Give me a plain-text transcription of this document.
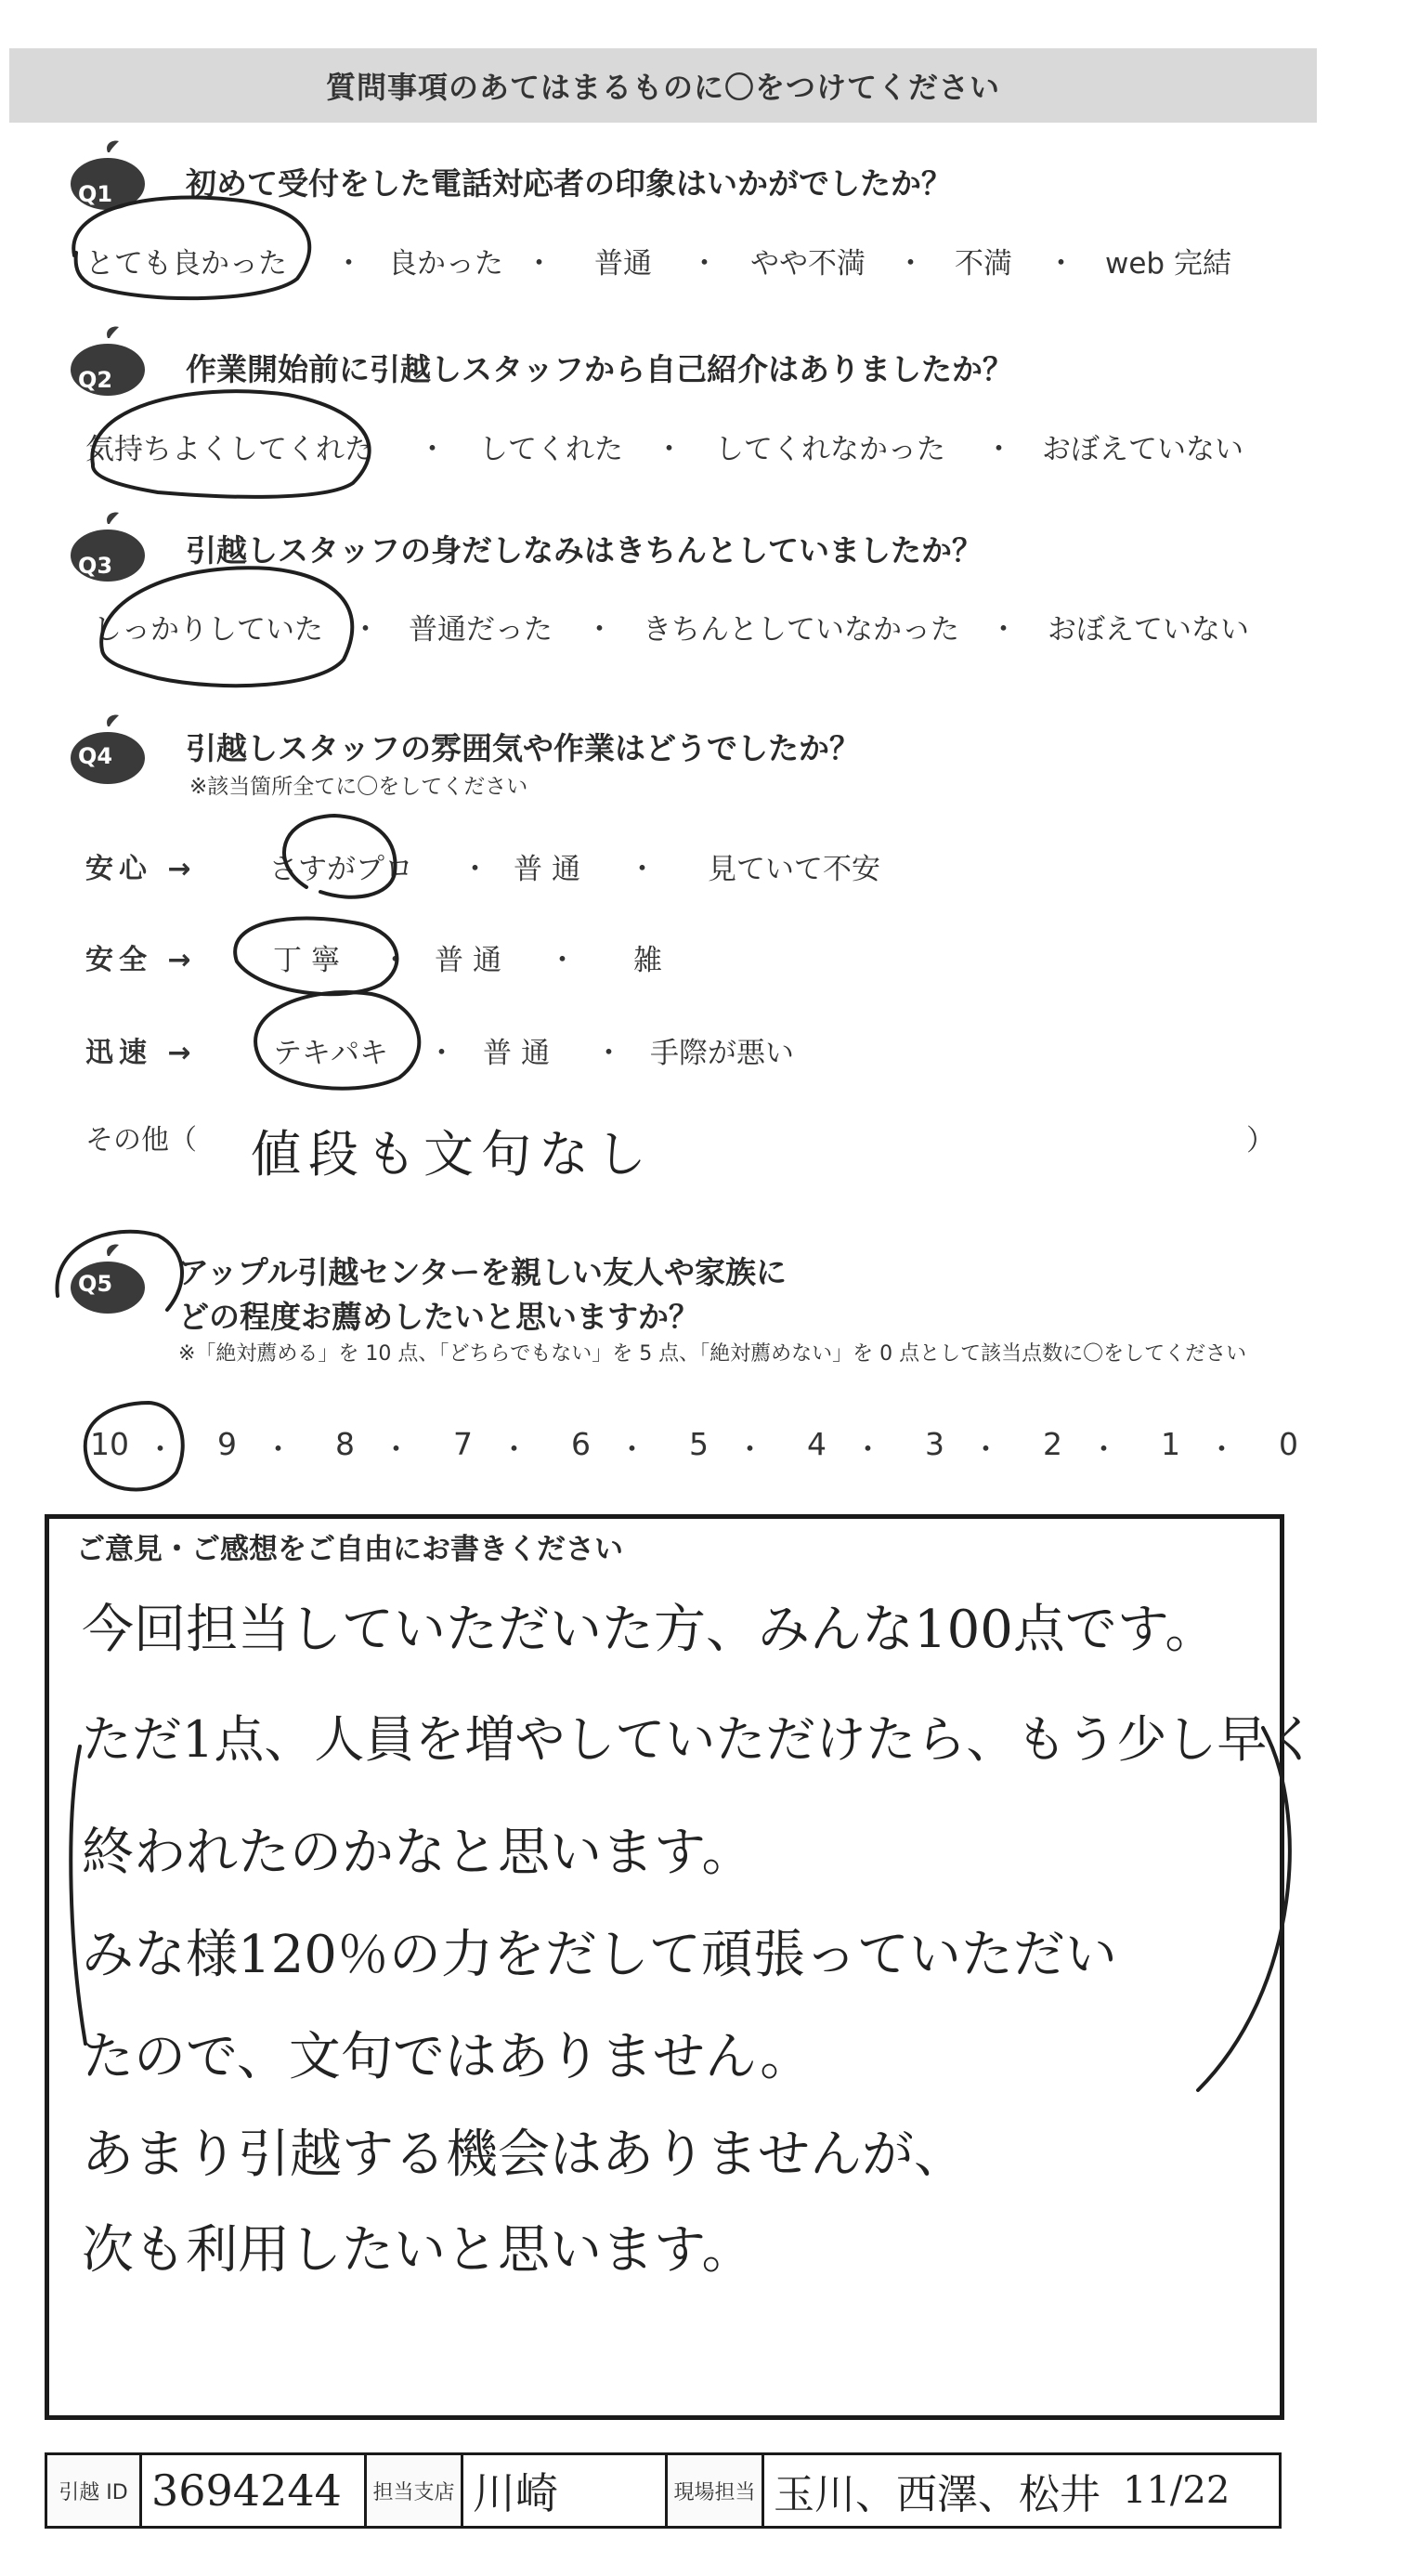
質問事項のあてはまるものに〇をつけてください
Q1 初めて受付をした電話対応者の印象はいかがでしたか？
とても良かった ・ 良かった ・ 普通 ・ やや不満 ・ 不満 ・ web 完結
Q2 作業開始前に引越しスタッフから自己紹介はありましたか？
気持ちよくしてくれた ・ してくれた ・ してくれなかった ・ おぼえていない
Q3 引越しスタッフの身だしなみはきちんとしていましたか？
しっかりしていた ・ 普通だった ・ きちんとしていなかった ・ おぼえていない
Q4 引越しスタッフの雰囲気や作業はどうでしたか？
※該当箇所全てに〇をしてください
安心 →	さすがプロ ・ 普通 ・ 見ていて不安
安全 →	丁寧 ・ 普通 ・ 雑
迅速 →	テキパキ ・ 普通 ・ 手際が悪い
その他（	）
値段も文句なし
Q5 アップル引越センターを親しい友人や家族に
どの程度お薦めしたいと思いますか？
※「絶対薦める」を 10 点、「どちらでもない」を 5 点、「絶対薦めない」を 0 点として該当点数に〇をしてください
ご意見・ご感想をご自由にお書きください
今回担当していただいた方、みんな100点です。
ただ1点、人員を増やしていただけたら、もう少し早く
終われたのかなと思います。
みな様120％の力をだして頑張っていただい
たので、文句ではありません。
あまり引越する機会はありませんが、
次も利用したいと思います。
引越 ID 3694244	担当支店 川崎	現場担当 玉川、西澤、松井 11/22
10 ・ 9 ・ 8 ・ 7 ・ 6 ・ 5 ・ 4 ・ 3 ・ 2 ・ 1 ・ 0
